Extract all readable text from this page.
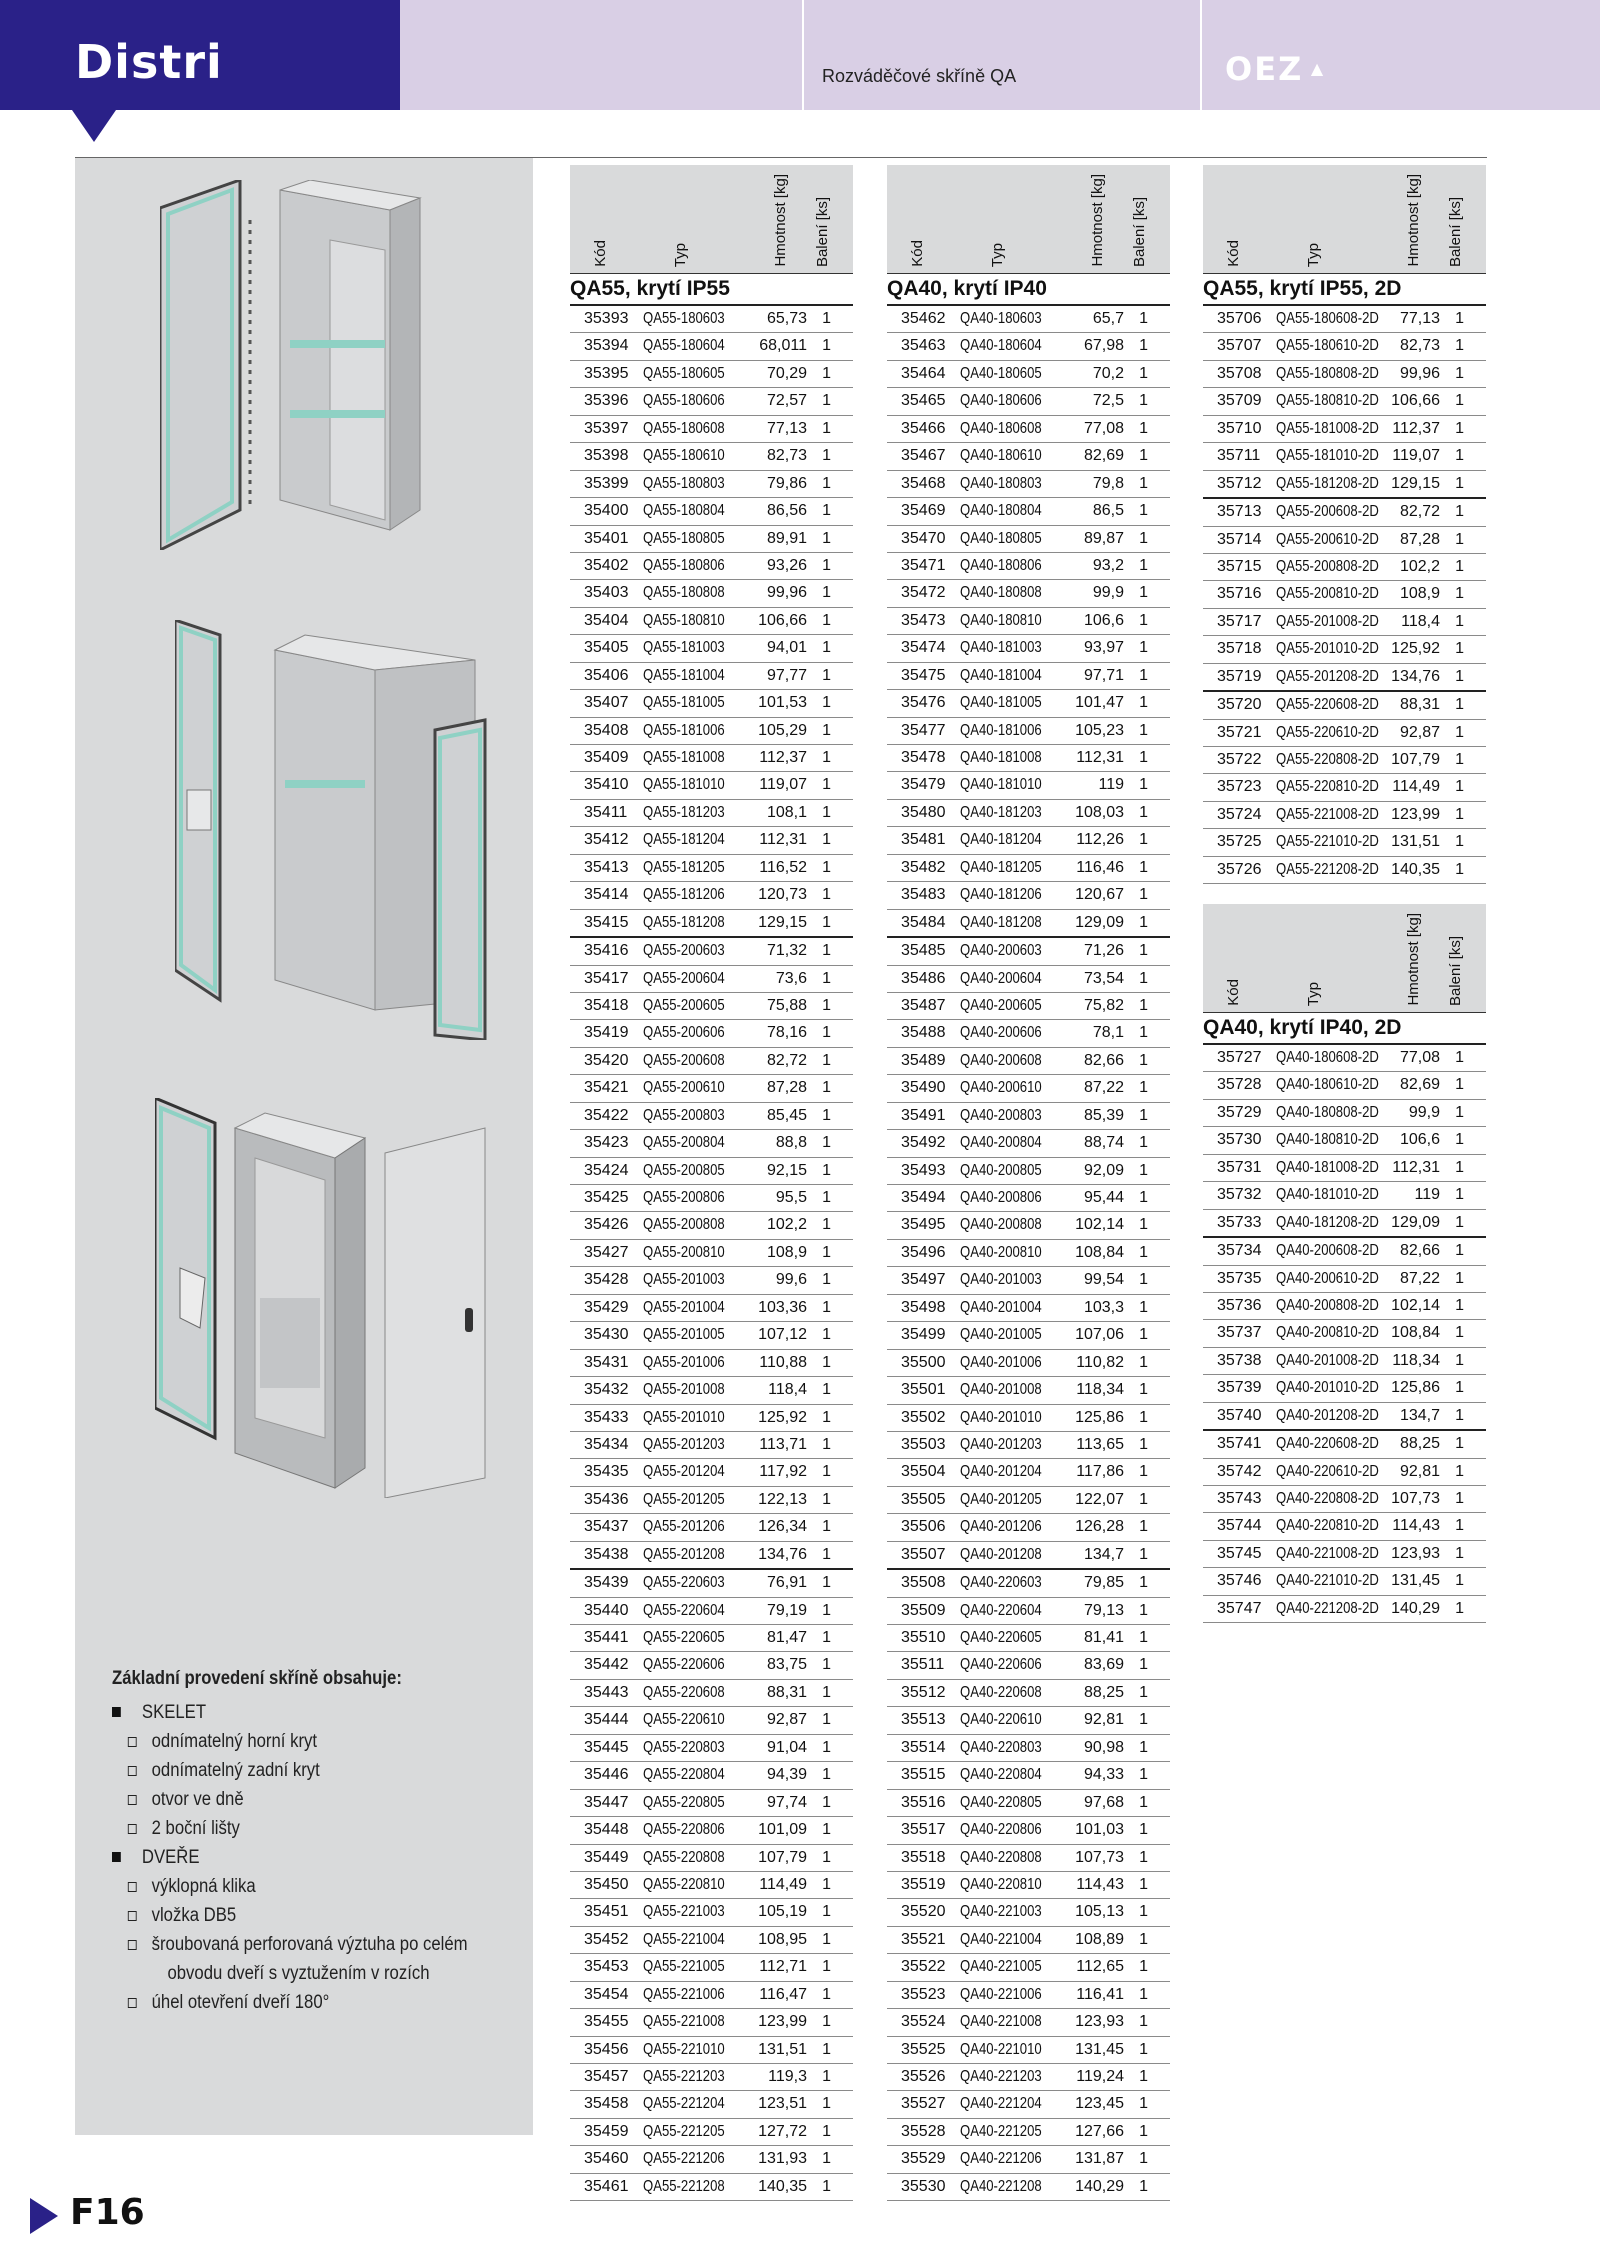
Distri	Rozváděčové skříně QA	OEZ ▲
Základní provedení skříně obsahuje:
SKELET
odnímatelný horní kryt
odnímatelný zadní kryt
otvor ve dně
2 boční lišty
DVEŘE
výklopná klika
vložka DB5
šroubovaná perforovaná výztuha po celém
obvodu dveří s vyztužením v rozích
úhel otevření dveří 180°
Kód	Typ	Hmotnost [kg] Balení [ks]
QA55, krytí IP55
35393 QA55-180603	65,73 1
35394 QA55-180604 68,011 1
35395 QA55-180605	70,29 1
35396 QA55-180606	72,57 1
35397 QA55-180608	77,13 1
35398 QA55-180610	82,73 1
35399 QA55-180803	79,86 1
35400 QA55-180804	86,56 1
35401 QA55-180805	89,91 1
35402 QA55-180806	93,26 1
35403 QA55-180808	99,96 1
35404 QA55-180810 106,66 1
35405 QA55-181003	94,01 1
35406 QA55-181004	97,77 1
35407 QA55-181005 101,53 1
35408 QA55-181006 105,29 1
35409 QA55-181008 112,37 1
35410 QA55-181010 119,07 1
35411 QA55-181203	108,1 1
35412 QA55-181204 112,31 1
35413 QA55-181205 116,52 1
35414 QA55-181206 120,73 1
35415 QA55-181208 129,15 1
35416 QA55-200603	71,32 1
35417 QA55-200604	73,6 1
35418 QA55-200605	75,88 1
35419 QA55-200606	78,16 1
35420 QA55-200608	82,72 1
35421 QA55-200610	87,28 1
35422 QA55-200803	85,45 1
35423 QA55-200804	88,8 1
35424 QA55-200805	92,15 1
35425 QA55-200806	95,5 1
35426 QA55-200808	102,2 1
35427 QA55-200810	108,9 1
35428 QA55-201003	99,6 1
35429 QA55-201004 103,36 1
35430 QA55-201005 107,12 1
35431 QA55-201006 110,88 1
35432 QA55-201008	118,4 1
35433 QA55-201010 125,92 1
35434 QA55-201203 113,71 1
35435 QA55-201204 117,92 1
35436 QA55-201205 122,13 1
35437 QA55-201206 126,34 1
35438 QA55-201208 134,76 1
35439 QA55-220603	76,91 1
35440 QA55-220604	79,19 1
35441 QA55-220605	81,47 1
35442 QA55-220606	83,75 1
35443 QA55-220608	88,31 1
35444 QA55-220610	92,87 1
35445 QA55-220803	91,04 1
35446 QA55-220804	94,39 1
35447 QA55-220805	97,74 1
35448 QA55-220806 101,09 1
35449 QA55-220808 107,79 1
35450 QA55-220810 114,49 1
35451 QA55-221003 105,19 1
35452 QA55-221004 108,95 1
35453 QA55-221005 112,71 1
35454 QA55-221006 116,47 1
35455 QA55-221008 123,99 1
35456 QA55-221010 131,51 1
35457 QA55-221203	119,3 1
35458 QA55-221204 123,51 1
35459 QA55-221205 127,72 1
35460 QA55-221206 131,93 1
35461 QA55-221208 140,35 1
Kód	Typ	Hmotnost [kg] Balení [ks]
QA40, krytí IP40
35462 QA40-180603	65,7 1
35463 QA40-180604	67,98 1
35464 QA40-180605	70,2 1
35465 QA40-180606	72,5 1
35466 QA40-180608	77,08 1
35467 QA40-180610	82,69 1
35468 QA40-180803	79,8 1
35469 QA40-180804	86,5 1
35470 QA40-180805	89,87 1
35471 QA40-180806	93,2 1
35472 QA40-180808	99,9 1
35473 QA40-180810	106,6 1
35474 QA40-181003	93,97 1
35475 QA40-181004	97,71 1
35476 QA40-181005 101,47 1
35477 QA40-181006 105,23 1
35478 QA40-181008 112,31 1
35479 QA40-181010	119 1
35480 QA40-181203 108,03 1
35481 QA40-181204 112,26 1
35482 QA40-181205 116,46 1
35483 QA40-181206 120,67 1
35484 QA40-181208 129,09 1
35485 QA40-200603	71,26 1
35486 QA40-200604	73,54 1
35487 QA40-200605	75,82 1
35488 QA40-200606	78,1 1
35489 QA40-200608	82,66 1
35490 QA40-200610	87,22 1
35491 QA40-200803	85,39 1
35492 QA40-200804	88,74 1
35493 QA40-200805	92,09 1
35494 QA40-200806	95,44 1
35495 QA40-200808 102,14 1
35496 QA40-200810 108,84 1
35497 QA40-201003	99,54 1
35498 QA40-201004	103,3 1
35499 QA40-201005 107,06 1
35500 QA40-201006 110,82 1
35501 QA40-201008 118,34 1
35502 QA40-201010 125,86 1
35503 QA40-201203 113,65 1
35504 QA40-201204 117,86 1
35505 QA40-201205 122,07 1
35506 QA40-201206 126,28 1
35507 QA40-201208	134,7 1
35508 QA40-220603	79,85 1
35509 QA40-220604	79,13 1
35510 QA40-220605	81,41 1
35511 QA40-220606	83,69 1
35512 QA40-220608	88,25 1
35513 QA40-220610	92,81 1
35514 QA40-220803	90,98 1
35515 QA40-220804	94,33 1
35516 QA40-220805	97,68 1
35517 QA40-220806 101,03 1
35518 QA40-220808 107,73 1
35519 QA40-220810 114,43 1
35520 QA40-221003 105,13 1
35521 QA40-221004 108,89 1
35522 QA40-221005 112,65 1
35523 QA40-221006 116,41 1
35524 QA40-221008 123,93 1
35525 QA40-221010 131,45 1
35526 QA40-221203 119,24 1
35527 QA40-221204 123,45 1
35528 QA40-221205 127,66 1
35529 QA40-221206 131,87 1
35530 QA40-221208 140,29 1
Kód	Typ	Hmotnost [kg] Balení [ks]
QA55, krytí IP55, 2D
35706 QA55-180608-2D 77,13 1
35707 QA55-180610-2D 82,73 1
35708 QA55-180808-2D 99,96 1
35709 QA55-180810-2D 106,66 1
35710 QA55-181008-2D 112,37 1
35711 QA55-181010-2D 119,07 1
35712 QA55-181208-2D 129,15 1
35713 QA55-200608-2D 82,72 1
35714 QA55-200610-2D 87,28 1
35715 QA55-200808-2D 102,2 1
35716 QA55-200810-2D 108,9 1
35717 QA55-201008-2D 118,4 1
35718 QA55-201010-2D 125,92 1
35719 QA55-201208-2D 134,76 1
35720 QA55-220608-2D 88,31 1
35721 QA55-220610-2D 92,87 1
35722 QA55-220808-2D 107,79 1
35723 QA55-220810-2D 114,49 1
35724 QA55-221008-2D 123,99 1
35725 QA55-221010-2D 131,51 1
35726 QA55-221208-2D 140,35 1
Kód	Typ	Hmotnost [kg] Balení [ks]
QA40, krytí IP40, 2D
35727 QA40-180608-2D 77,08 1
35728 QA40-180610-2D 82,69 1
35729 QA40-180808-2D 99,9 1
35730 QA40-180810-2D 106,6 1
35731 QA40-181008-2D 112,31 1
35732 QA40-181010-2D 119 1
35733 QA40-181208-2D 129,09 1
35734 QA40-200608-2D 82,66 1
35735 QA40-200610-2D 87,22 1
35736 QA40-200808-2D 102,14 1
35737 QA40-200810-2D 108,84 1
35738 QA40-201008-2D 118,34 1
35739 QA40-201010-2D 125,86 1
35740 QA40-201208-2D 134,7 1
35741 QA40-220608-2D 88,25 1
35742 QA40-220610-2D 92,81 1
35743 QA40-220808-2D 107,73 1
35744 QA40-220810-2D 114,43 1
35745 QA40-221008-2D 123,93 1
35746 QA40-221010-2D 131,45 1
35747 QA40-221208-2D 140,29 1
F16
